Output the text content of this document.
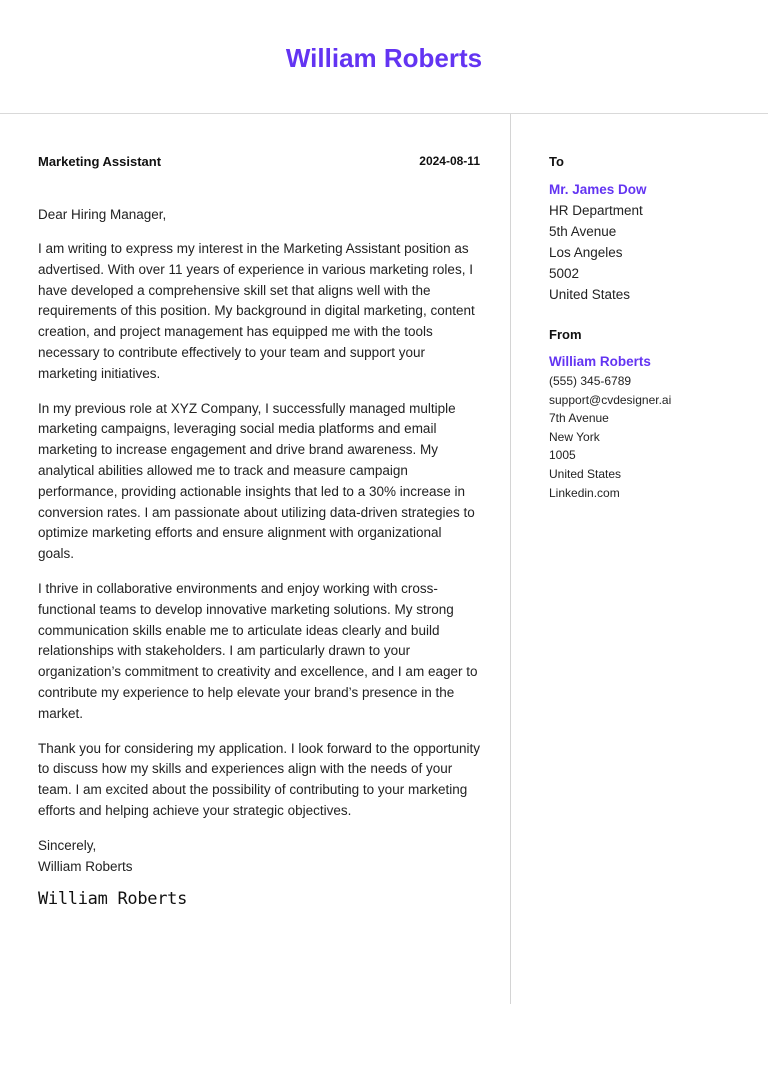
William Roberts
Marketing Assistant	2024-08-11
Dear Hiring Manager,
I am writing to express my interest in the Marketing Assistant position as advertised. With over 11 years of experience in various marketing roles, I have developed a comprehensive skill set that aligns well with the requirements of this position. My background in digital marketing, content creation, and project management has equipped me with the tools necessary to contribute effectively to your team and support your marketing initiatives.
In my previous role at XYZ Company, I successfully managed multiple marketing campaigns, leveraging social media platforms and email marketing to increase engagement and drive brand awareness. My analytical abilities allowed me to track and measure campaign performance, providing actionable insights that led to a 30% increase in conversion rates. I am passionate about utilizing data-driven strategies to optimize marketing efforts and ensure alignment with organizational goals.
I thrive in collaborative environments and enjoy working with cross-functional teams to develop innovative marketing solutions. My strong communication skills enable me to articulate ideas clearly and build relationships with stakeholders. I am particularly drawn to your organization’s commitment to creativity and excellence, and I am eager to contribute my experience to help elevate your brand’s presence in the market.
Thank you for considering my application. I look forward to the opportunity to discuss how my skills and experiences align with the needs of your team. I am excited about the possibility of contributing to your marketing efforts and helping achieve your strategic objectives.
Sincerely,
William Roberts
William Roberts
To
Mr. James Dow
HR Department
5th Avenue
Los Angeles
5002
United States
From
William Roberts
(555) 345-6789
support@cvdesigner.ai
7th Avenue
New York
1005
United States
Linkedin.com
